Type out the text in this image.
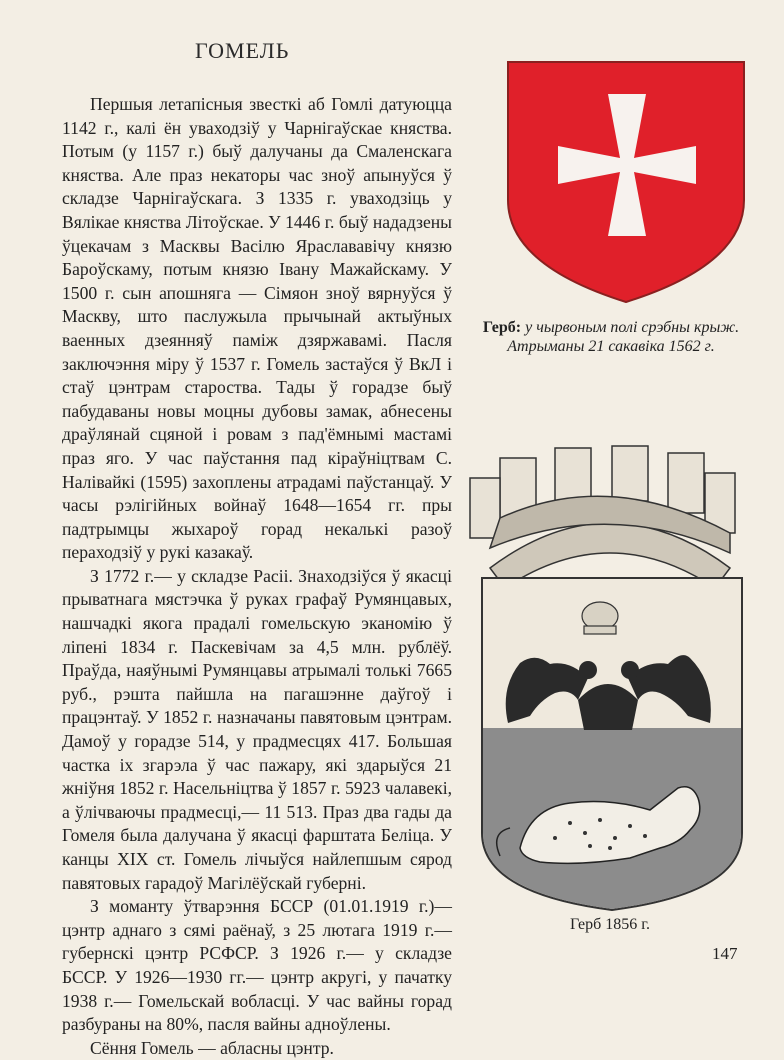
ГОМЕЛЬ

Першыя летапісныя звесткі аб Гомлі датуюцца 1142 г., калі ён уваходзіў у Чарнігаўскае княства. Потым (у 1157 г.) быў далучаны да Смаленскага княства. Але праз некаторы час зноў апынуўся ў складзе Чарнігаўскага. З 1335 г. уваходзіць у Вялікае княства Літоўскае. У 1446 г. быў нададзены ўцекачам з Масквы Васілю Яраслававічу князю Бароўскаму, потым князю Івану Мажайскаму. У 1500 г. сын апошняга — Сімяон зноў вярнуўся ў Маскву, што паслужыла прычынай актыўных ваенных дзеянняў паміж дзяржавамі. Пасля заключэння міру ў 1537 г. Гомель застаўся ў ВкЛ і стаў цэнтрам староства. Тады ў горадзе быў пабудаваны новы моцны дубовы замак, абнесены драўлянай сцяной і ровам з пад'ёмнымі мастамі праз яго. У час паўстання пад кіраўніцтвам С. Налівайкі (1595) захоплены атрадамі паўстанцаў. У часы рэлігійных войнаў 1648—1654 гг. пры падтрымцы жыхароў горад некалькі разоў пераходзіў у рукі казакаў.

З 1772 г.— у складзе Расіі. Знаходзіўся ў якасці прыватнага мястэчка ў руках графаў Румянцавых, нашчадкі якога прадалі гомельскую эканомію ў ліпені 1834 г. Паскевічам за 4,5 млн. рублёў. Праўда, наяўнымі Румянцавы атрымалі толькі 7665 руб., рэшта пайшла на пагашэнне даўгоў і працэнтаў. У 1852 г. назначаны павятовым цэнтрам. Дамоў у горадзе 514, у прадмесцях 417. Большая частка іх згарэла ў час пажару, які здарыўся 21 жніўня 1852 г. Насельніцтва ў 1857 г. 5923 чалавекі, а ўлічваючы прадмесці,— 11 513. Праз два гады да Гомеля была далучана ў якасці фарштата Беліца. У канцы XIX ст. Гомель лічыўся найлепшым сярод павятовых гарадоў Магілёўскай губерні.

З моманту ўтварэння БССР (01.01.1919 г.)— цэнтр аднаго з сямі раёнаў, з 25 лютага 1919 г.— губернскі цэнтр РСФСР. З 1926 г.— у складзе БССР. У 1926—1930 гг.— цэнтр акругі, у пачатку 1938 г.— Гомельскай вобласці. У час вайны горад разбураны на 80%, пасля вайны адноўлены.

Сёння Гомель — абласны цэнтр.

Герб: у чырвоным полі срэбны крыж. Атрыманы 21 сакавіка 1562 г.
Герб 1856 г.
147
